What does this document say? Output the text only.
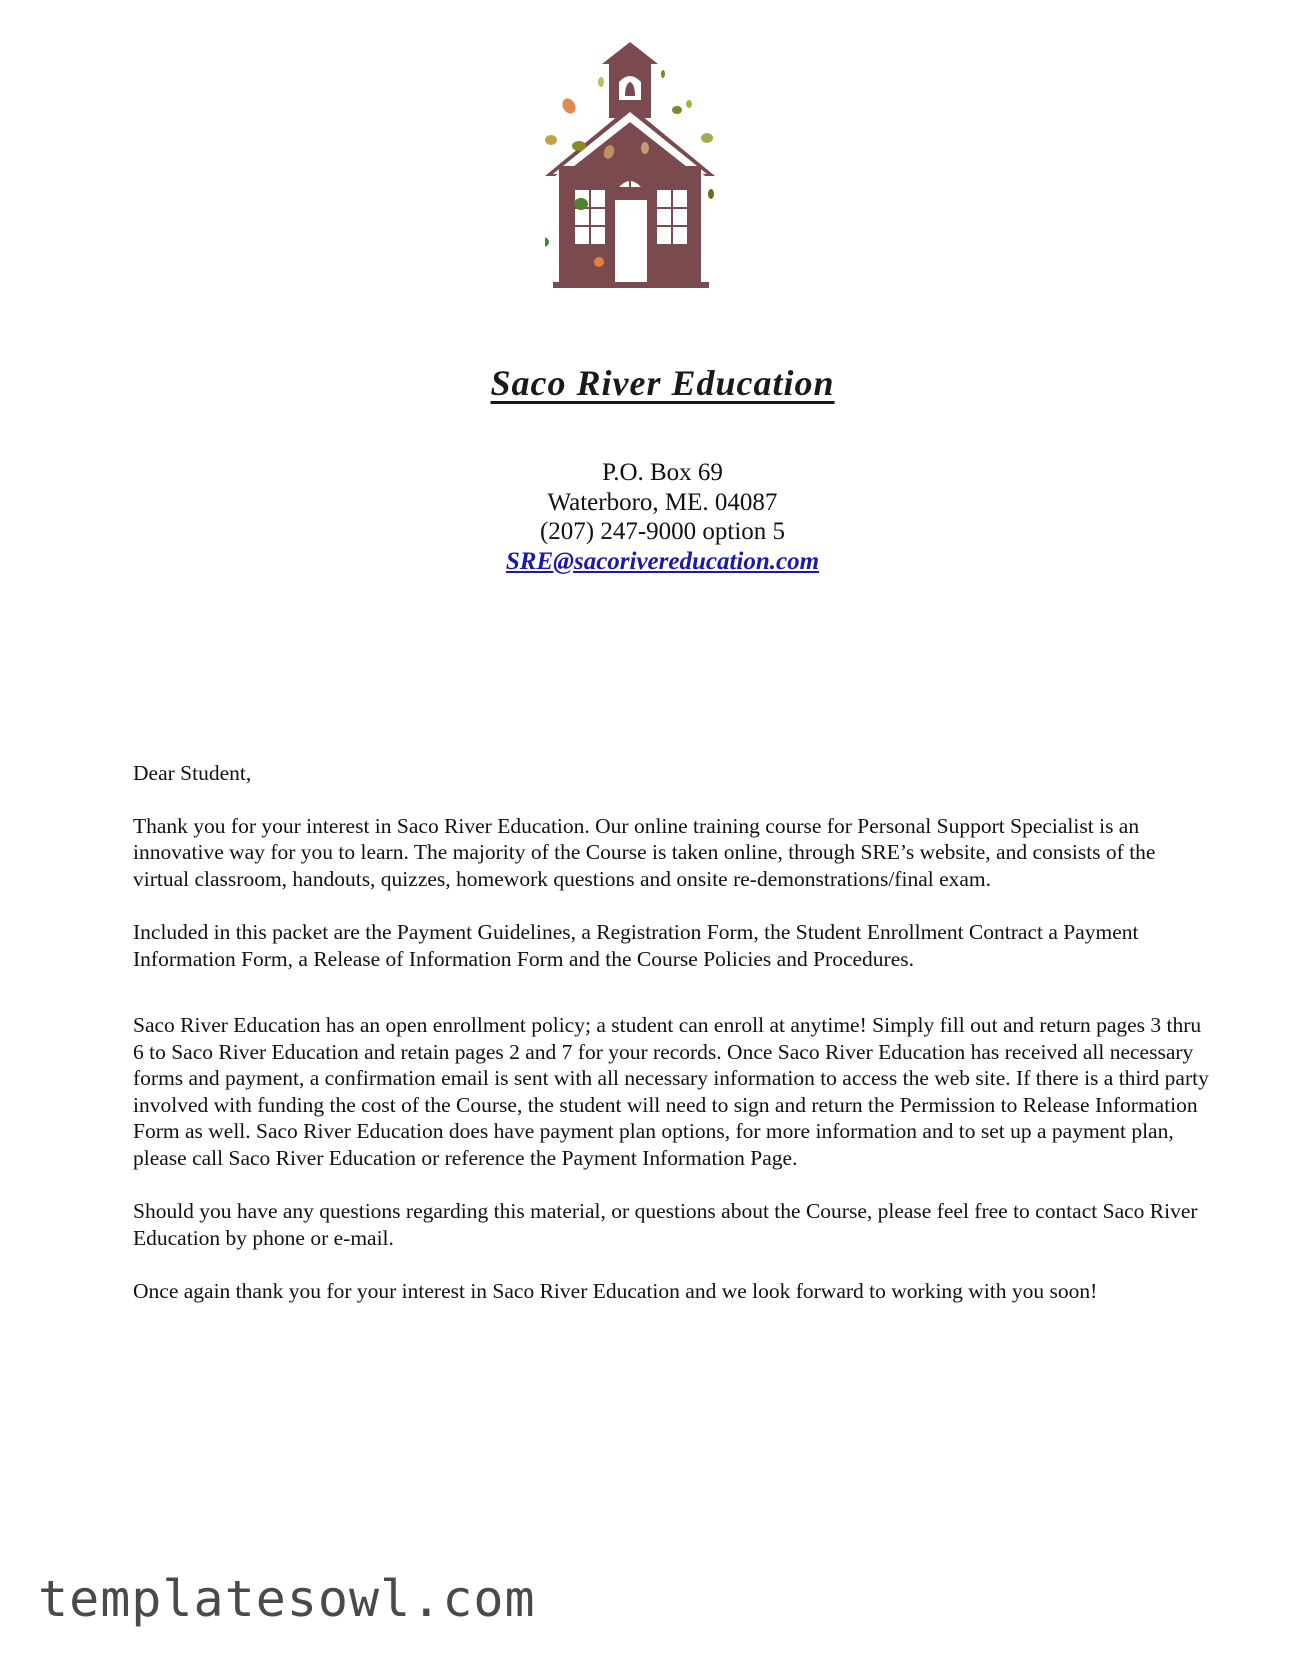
Saco River Education
P.O. Box 69
Waterboro, ME. 04087
(207) 247-9000 option 5
SRE@sacorivereducation.com

Dear Student,

Thank you for your interest in Saco River Education. Our online training course for Personal Support Specialist is an innovative way for you to learn. The majority of the Course is taken online, through SRE’s website, and consists of the virtual classroom, handouts, quizzes, homework questions and onsite re-demonstrations/final exam.

Included in this packet are the Payment Guidelines, a Registration Form, the Student Enrollment Contract a Payment Information Form, a Release of Information Form and the Course Policies and Procedures.

Saco River Education has an open enrollment policy; a student can enroll at anytime! Simply fill out and return pages 3 thru 6 to Saco River Education and retain pages 2 and 7 for your records. Once Saco River Education has received all necessary forms and payment, a confirmation email is sent with all necessary information to access the web site. If there is a third party involved with funding the cost of the Course, the student will need to sign and return the Permission to Release Information Form as well. Saco River Education does have payment plan options, for more information and to set up a payment plan, please call Saco River Education or reference the Payment Information Page.

Should you have any questions regarding this material, or questions about the Course, please feel free to contact Saco River Education by phone or e-mail.

Once again thank you for your interest in Saco River Education and we look forward to working with you soon!

templatesowl.com
